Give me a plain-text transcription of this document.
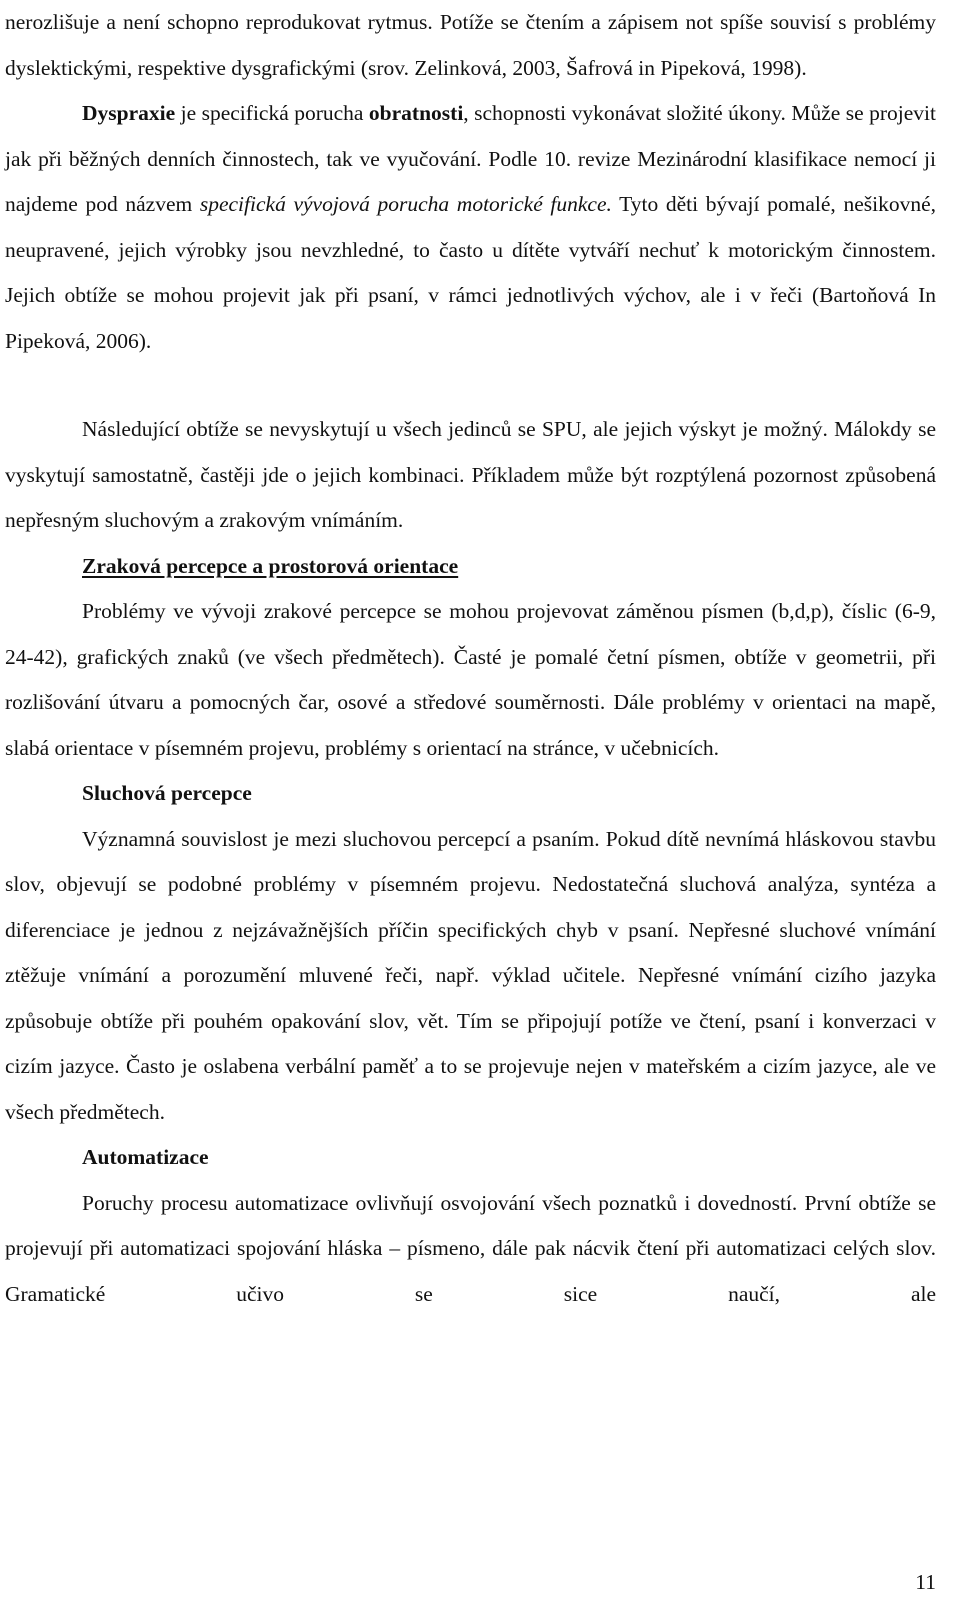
nerozlišuje a není schopno reprodukovat rytmus. Potíže se čtením a zápisem not spíše souvisí s problémy dyslektickými, respektive dysgrafickými (srov. Zelinková, 2003, Šafrová in Pipeková, 1998).

Dyspraxie je specifická porucha obratnosti, schopnosti vykonávat složité úkony. Může se projevit jak při běžných denních činnostech, tak ve vyučování. Podle 10. revize Mezinárodní klasifikace nemocí ji najdeme pod názvem specifická vývojová porucha motorické funkce. Tyto děti bývají pomalé, nešikovné, neupravené, jejich výrobky jsou nevzhledné, to často u dítěte vytváří nechuť k motorickým činnostem. Jejich obtíže se mohou projevit jak při psaní, v rámci jednotlivých výchov, ale i v řeči (Bartoňová In Pipeková, 2006).

Následující obtíže se nevyskytují u všech jedinců se SPU, ale jejich výskyt je možný. Málokdy se vyskytují samostatně, častěji jde o jejich kombinaci. Příkladem může být rozptýlená pozornost způsobená nepřesným sluchovým a zrakovým vnímáním.

Zraková percepce a prostorová orientace

Problémy ve vývoji zrakové percepce se mohou projevovat záměnou písmen (b,d,p), číslic (6-9, 24-42), grafických znaků (ve všech předmětech). Časté je pomalé četní písmen, obtíže v geometrii, při rozlišování útvaru a pomocných čar, osové a středové souměrnosti. Dále problémy v orientaci na mapě, slabá orientace v písemném projevu, problémy s orientací na stránce, v učebnicích.

Sluchová percepce

Významná souvislost je mezi sluchovou percepcí a psaním. Pokud dítě nevnímá hláskovou stavbu slov, objevují se podobné problémy v písemném projevu. Nedostatečná sluchová analýza, syntéza a diferenciace je jednou z nejzávažnějších příčin specifických chyb v psaní. Nepřesné sluchové vnímání ztěžuje vnímání a porozumění mluvené řeči, např. výklad učitele. Nepřesné vnímání cizího jazyka způsobuje obtíže při pouhém opakování slov, vět. Tím se připojují potíže ve čtení, psaní i konverzaci v cizím jazyce. Často je oslabena verbální paměť a to se projevuje nejen v mateřském a cizím jazyce, ale ve všech předmětech.

Automatizace

Poruchy procesu automatizace ovlivňují osvojování všech poznatků i dovedností. První obtíže se projevují při automatizaci spojování hláska – písmeno, dále pak nácvik čtení při automatizaci celých slov. Gramatické učivo se sice naučí, ale

11
